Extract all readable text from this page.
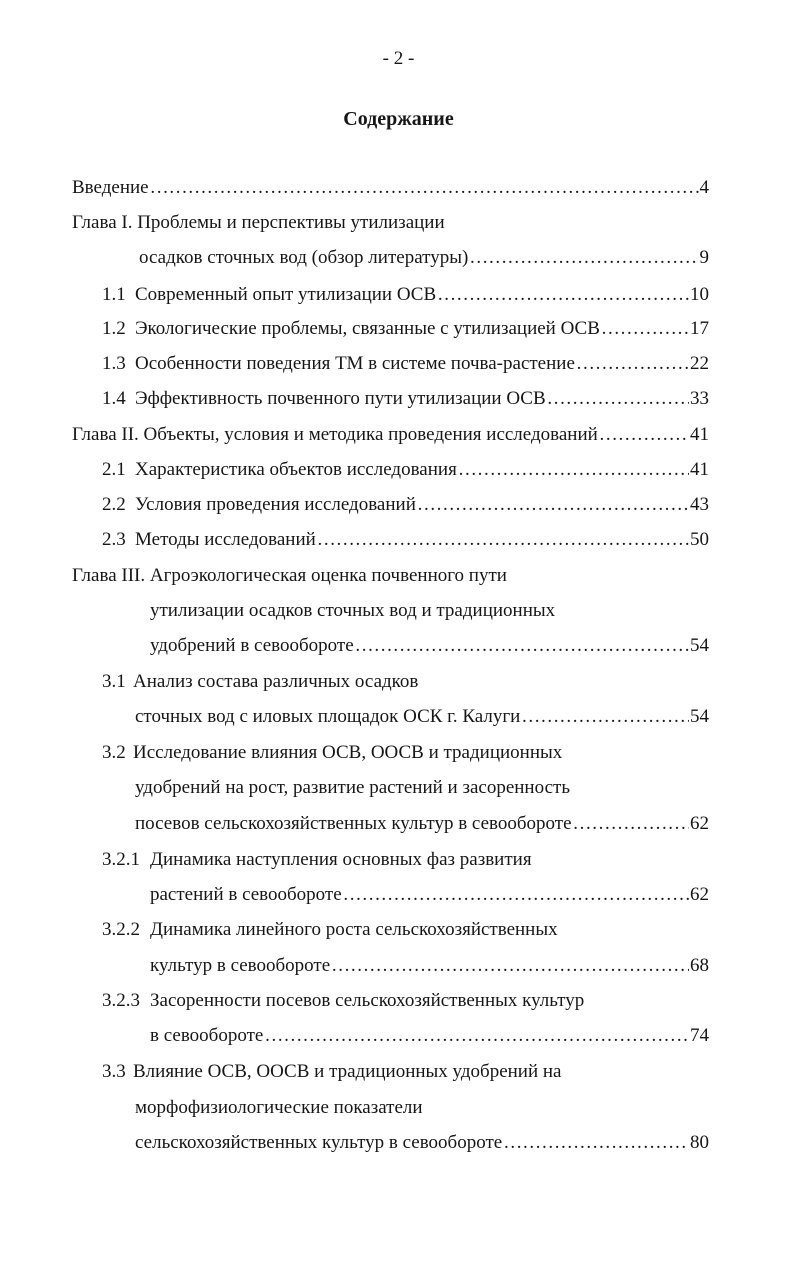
- 2 -
Содержание
Введение ………………………………………………………………………………………………………………………………	4
Глава I. Проблемы и перспективы утилизации
осадков сточных вод (обзор литературы) ………………………………………………………………………………………………………………………………	9
1.1 Современный опыт утилизации ОСВ ………………………………………………………………………………………………………………………………	10
1.2 Экологические проблемы, связанные с утилизацией ОСВ ………………………………………………………………………………………………………………………………	17
1.3 Особенности поведения ТМ в системе почва-растение ………………………………………………………………………………………………………………………………	22
1.4 Эффективность почвенного пути утилизации ОСВ ………………………………………………………………………………………………………………………………	33
Глава II. Объекты, условия и методика проведения исследований ………………………………………………………………………………………………………………………………	41
2.1 Характеристика объектов исследования ………………………………………………………………………………………………………………………………	41
2.2 Условия проведения исследований ………………………………………………………………………………………………………………………………	43
2.3 Методы исследований ………………………………………………………………………………………………………………………………	50
Глава III. Агроэкологическая оценка почвенного пути
утилизации осадков сточных вод и традиционных
удобрений в севообороте ………………………………………………………………………………………………………………………………	54
3.1 Анализ состава различных осадков
сточных вод с иловых площадок ОСК г. Калуги ………………………………………………………………………………………………………………………………	54
3.2 Исследование влияния ОСВ, ООСВ и традиционных
удобрений на рост, развитие растений и засоренность
посевов сельскохозяйственных культур в севообороте ………………………………………………………………………………………………………………………………	62
3.2.1 Динамика наступления основных фаз развития
растений в севообороте ………………………………………………………………………………………………………………………………	62
3.2.2 Динамика линейного роста сельскохозяйственных
культур в севообороте ………………………………………………………………………………………………………………………………	68
3.2.3 Засоренности посевов сельскохозяйственных культур
в севообороте ………………………………………………………………………………………………………………………………	74
3.3 Влияние ОСВ, ООСВ и традиционных удобрений на
морфофизиологические показатели
сельскохозяйственных культур в севообороте ………………………………………………………………………………………………………………………………	80
